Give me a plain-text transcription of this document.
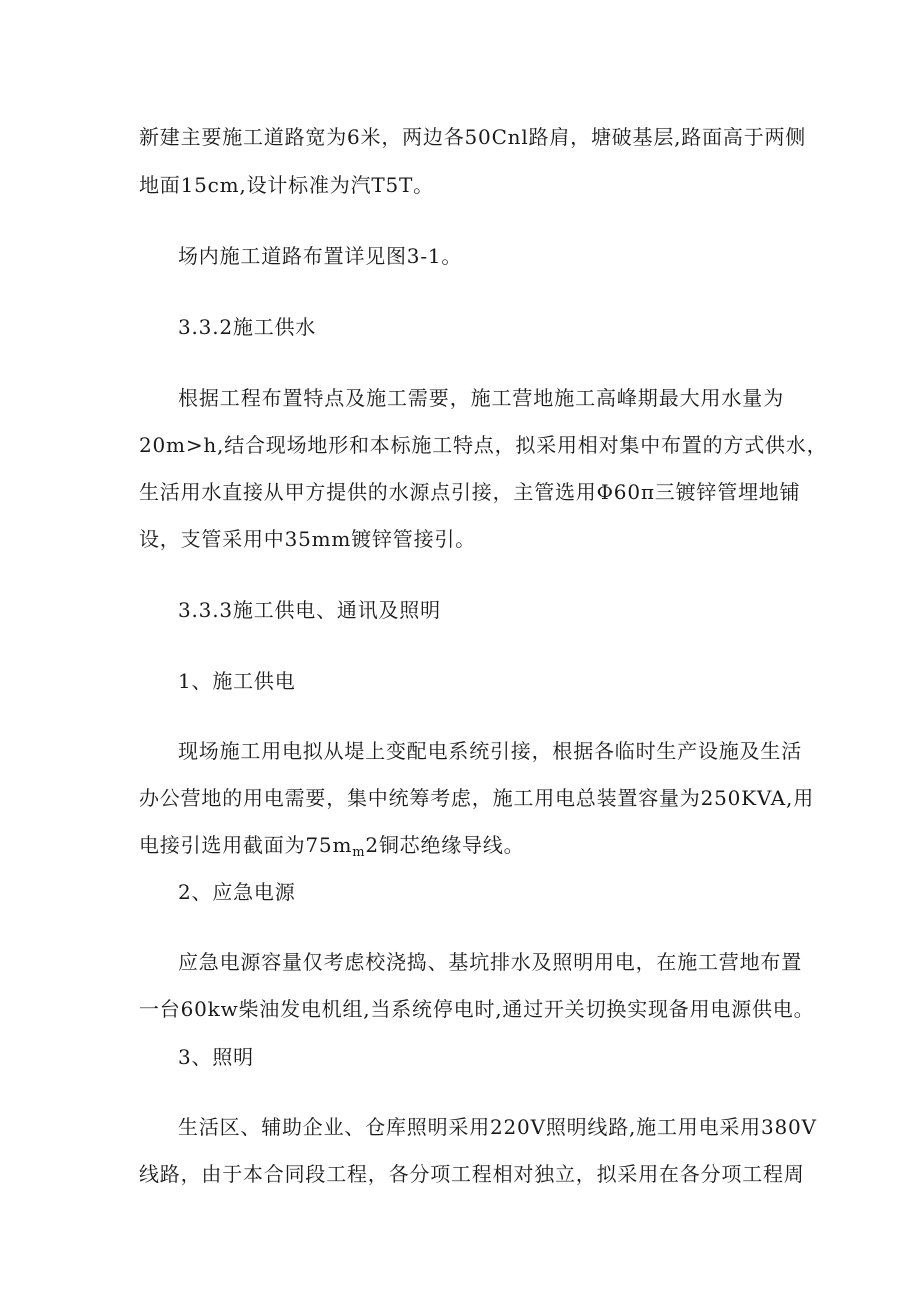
新建主要施工道路宽为6米，两边各50Cnl路肩，塘破基层,路面高于两侧
地面15cm,设计标准为汽T5T。
场内施工道路布置详见图3-1。
3.3.2施工供水
根据工程布置特点及施工需要，施工营地施工高峰期最大用水量为
20m>h,结合现场地形和本标施工特点，拟采用相对集中布置的方式供水，
生活用水直接从甲方提供的水源点引接，主管选用Φ60π三镀锌管埋地铺
设，支管采用中35mm镀锌管接引。
3.3.3施工供电、通讯及照明
1、施工供电
现场施工用电拟从堤上变配电系统引接，根据各临时生产设施及生活
办公营地的用电需要，集中统筹考虑，施工用电总装置容量为250KVA,用
电接引选用截面为$75m_m2$铜芯绝缘导线。
2、应急电源
应急电源容量仅考虑校浇捣、基坑排水及照明用电，在施工营地布置
一台60kw柴油发电机组,当系统停电时,通过开关切换实现备用电源供电。
3、照明
生活区、辅助企业、仓库照明采用220V照明线路,施工用电采用380V
线路，由于本合同段工程，各分项工程相对独立，拟采用在各分项工程周
